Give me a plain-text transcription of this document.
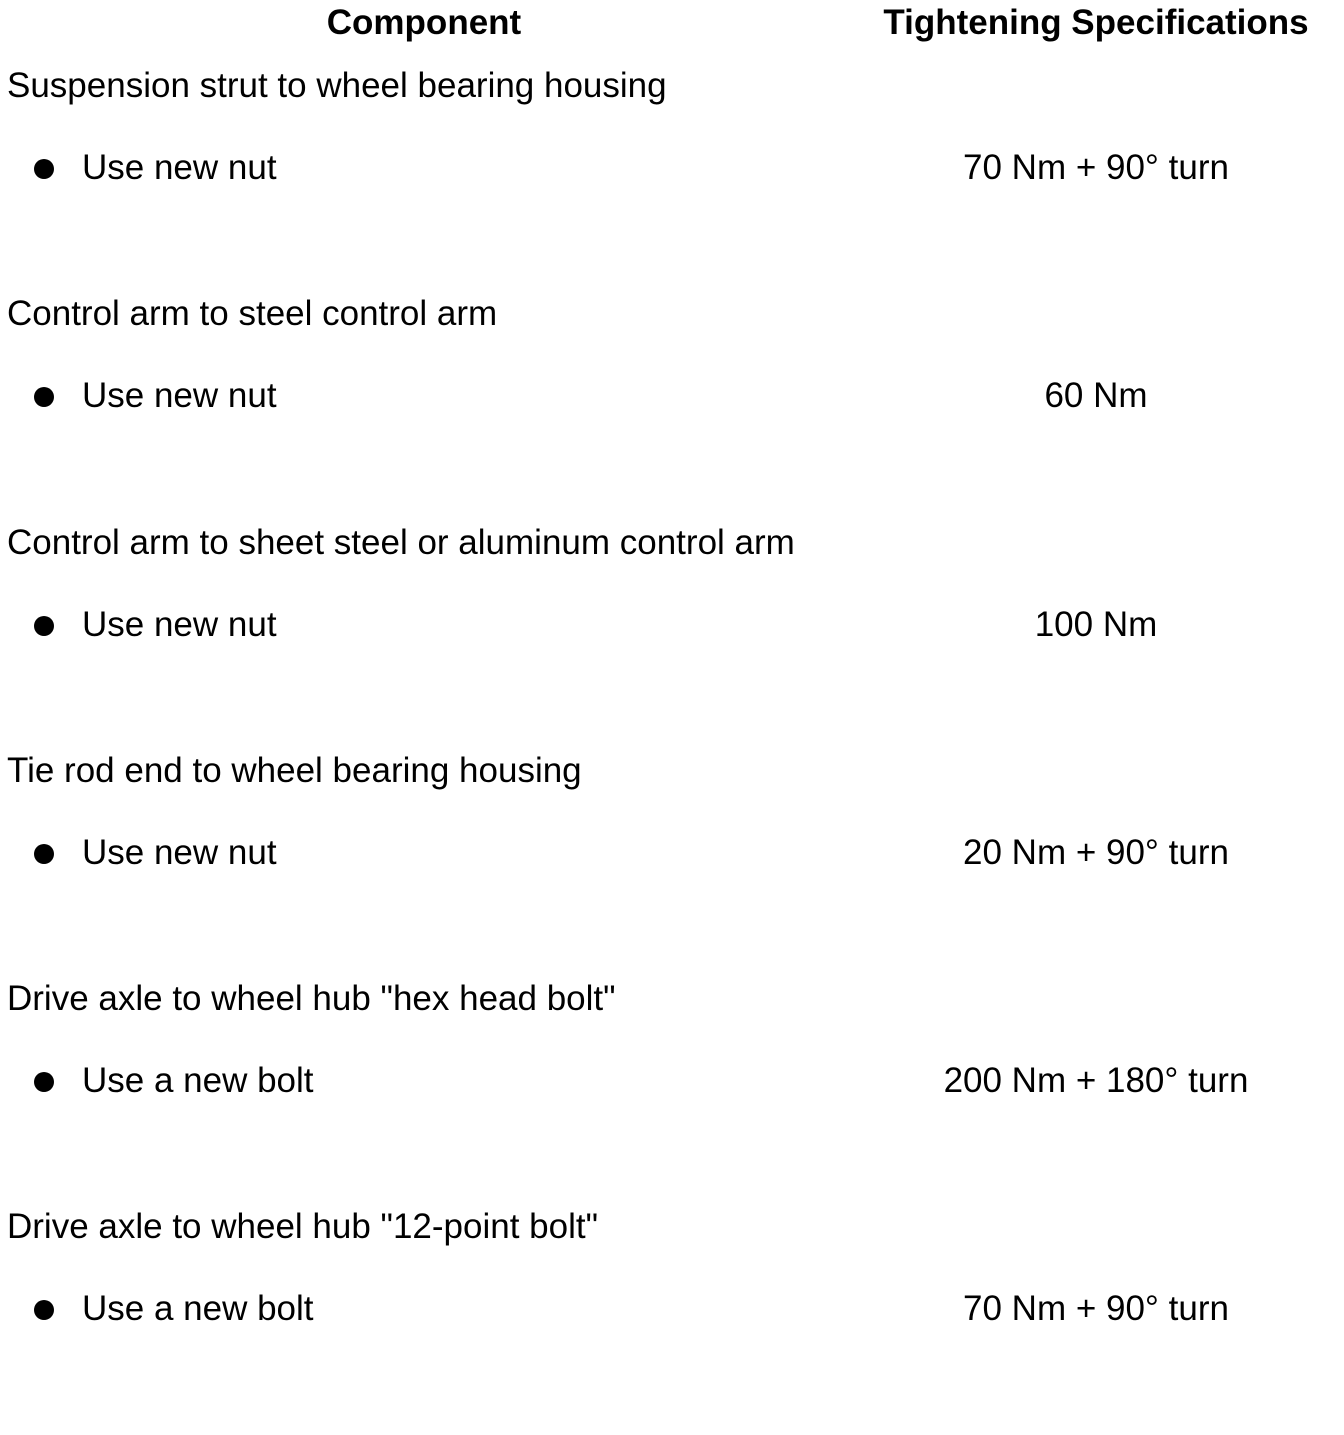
Component	Tightening Specifications
Suspension strut to wheel bearing housing
Use new nut	70 Nm + 90° turn
Control arm to steel control arm
Use new nut	60 Nm
Control arm to sheet steel or aluminum control arm
Use new nut	100 Nm
Tie rod end to wheel bearing housing
Use new nut	20 Nm + 90° turn
Drive axle to wheel hub "hex head bolt"
Use a new bolt	200 Nm + 180° turn
Drive axle to wheel hub "12-point bolt"
Use a new bolt	70 Nm + 90° turn
